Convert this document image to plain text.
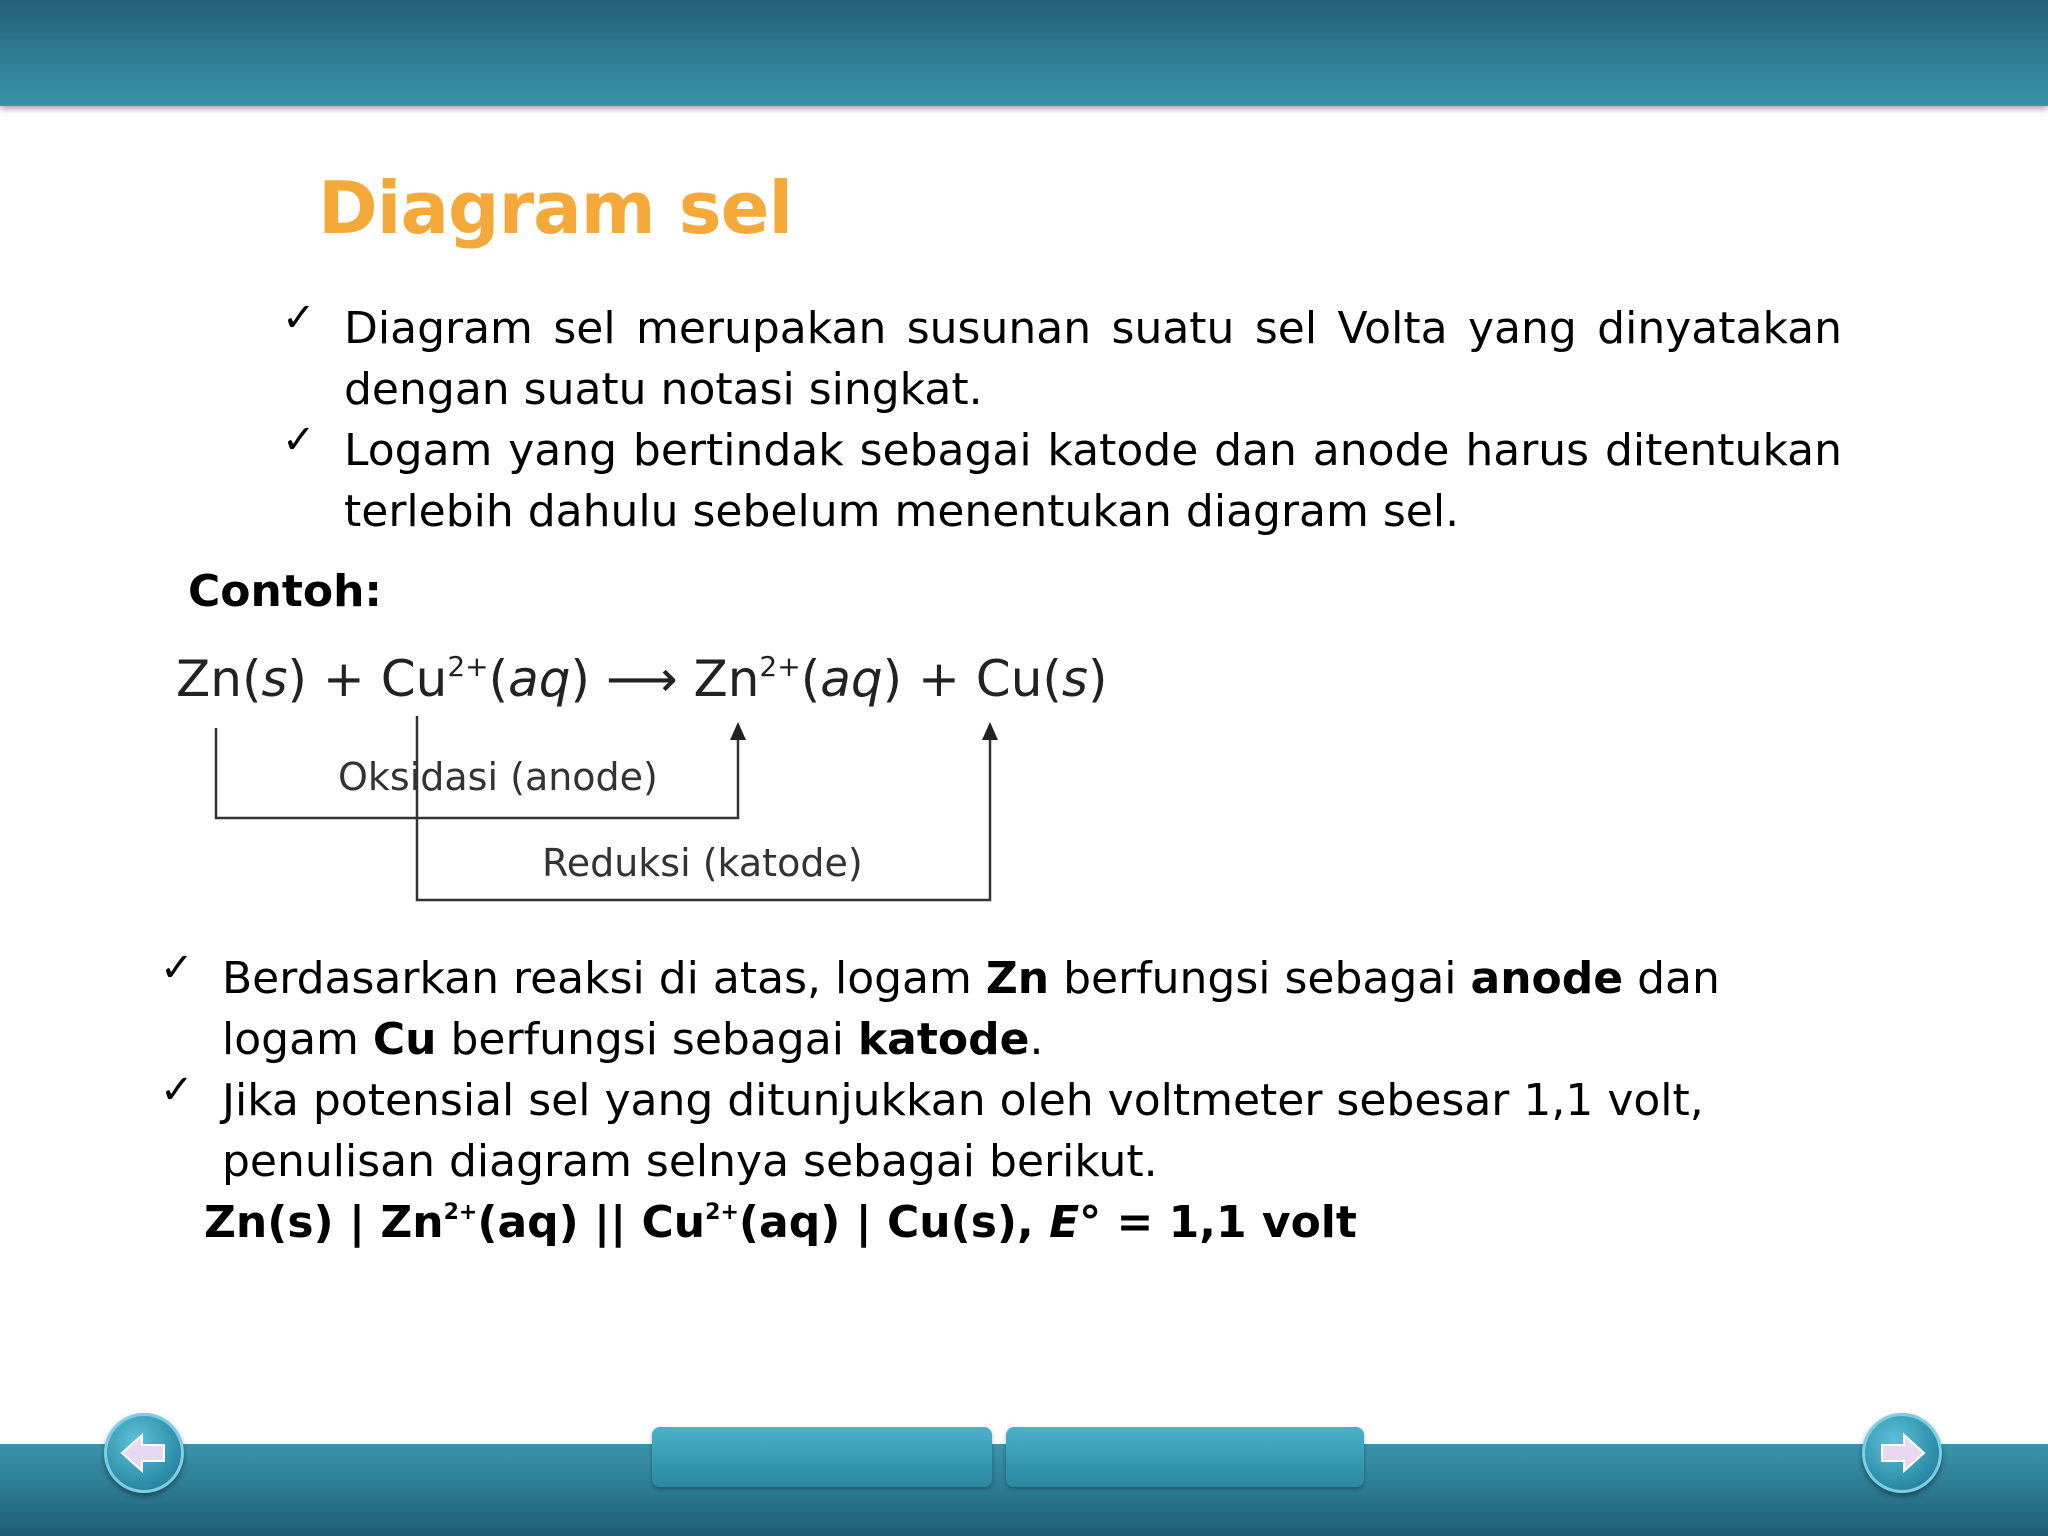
Diagram sel
✓ Diagram sel merupakan susunan suatu sel Volta yang dinyatakan dengan suatu notasi singkat.
✓ Logam yang bertindak sebagai katode dan anode harus ditentukan terlebih dahulu sebelum menentukan diagram sel.
Contoh:
$Zn(s) + Cu^{2+}(aq)$ ⟶ $Zn^{2+}(aq) + Cu(s)$
Oksidasi (anode)
Reduksi (katode)
✓ Berdasarkan reaksi di atas, logam Zn berfungsi sebagai anode dan logam Cu berfungsi sebagai katode.
✓ Jika potensial sel yang ditunjukkan oleh voltmeter sebesar 1,1 volt, penulisan diagram selnya sebagai berikut.
Zn(s) | $Zn^{2+}(aq)$ || $Cu^{2+}(aq)$ | Cu(s), E° = 1,1 volt
